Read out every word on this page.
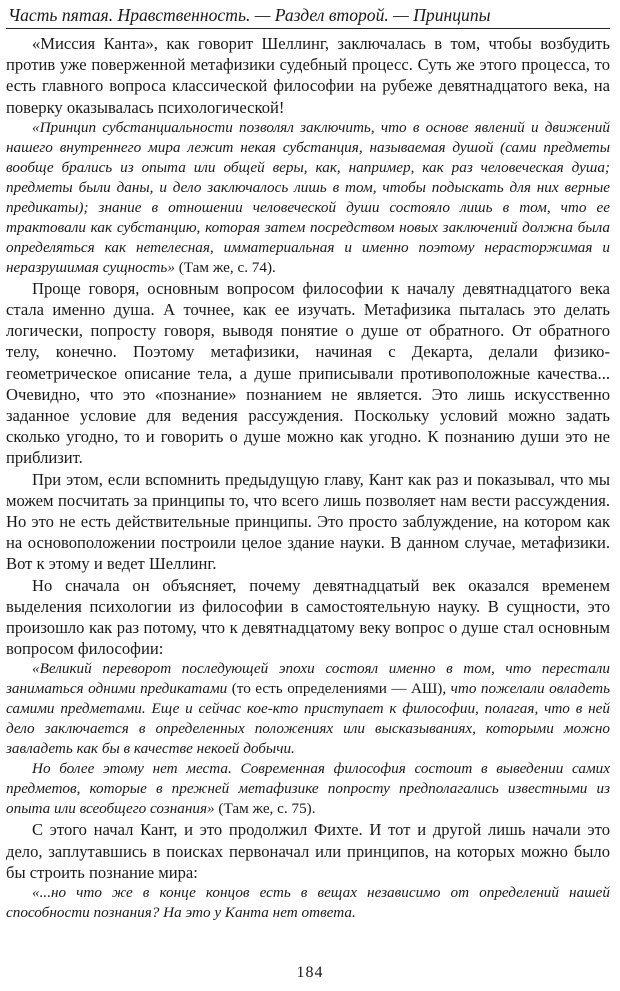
Часть пятая. Нравственность. — Раздел второй. — Принципы

«Миссия Канта», как говорит Шеллинг, заключалась в том, чтобы возбудить против уже поверженной метафизики судебный процесс. Суть же этого процесса, то есть главного вопроса классической философии на рубеже девятнадцатого века, на поверку оказывалась психологической!

«Принцип субстанциальности позволял заключить, что в основе явлений и движений нашего внутреннего мира лежит некая субстанция, называемая душой (сами предметы вообще брались из опыта или общей веры, как, например, как раз человеческая душа; предметы были даны, и дело заключалось лишь в том, чтобы подыскать для них верные предикаты); знание в отношении человеческой души состояло лишь в том, что ее трактовали как субстанцию, которая затем посредством новых заключений должна была определяться как нетелесная, имматериальная и именно поэтому нерасторжимая и неразрушимая сущность» (Там же, с. 74).

Проще говоря, основным вопросом философии к началу девятнадцатого века стала именно душа. А точнее, как ее изучать. Метафизика пыталась это делать логически, попросту говоря, выводя понятие о душе от обратного. От обратного телу, конечно. Поэтому метафизики, начиная с Декарта, делали физико-геометрическое описание тела, а душе приписывали противоположные качества... Очевидно, что это «познание» познанием не является. Это лишь искусственно заданное условие для ведения рассуждения. Поскольку условий можно задать сколько угодно, то и говорить о душе можно как угодно. К познанию души это не приблизит.

При этом, если вспомнить предыдущую главу, Кант как раз и показывал, что мы можем посчитать за принципы то, что всего лишь позволяет нам вести рассуждения. Но это не есть действительные принципы. Это просто заблуждение, на котором как на основоположении построили целое здание науки. В данном случае, метафизики. Вот к этому и ведет Шеллинг.

Но сначала он объясняет, почему девятнадцатый век оказался временем выделения психологии из философии в самостоятельную науку. В сущности, это произошло как раз потому, что к девятнадцатому веку вопрос о душе стал основным вопросом философии:

«Великий переворот последующей эпохи состоял именно в том, что перестали заниматься одними предикатами (то есть определениями — АШ), что пожелали овладеть самими предметами. Еще и сейчас кое-кто приступает к философии, полагая, что в ней дело заключается в определенных положениях или высказываниях, которыми можно завладеть как бы в качестве некоей добычи.

Но более этому нет места. Современная философия состоит в выведении самих предметов, которые в прежней метафизике попросту предполагались известными из опыта или всеобщего сознания» (Там же, с. 75).

С этого начал Кант, и это продолжил Фихте. И тот и другой лишь начали это дело, заплутавшись в поисках первоначал или принципов, на которых можно было бы строить познание мира:

«...но что же в конце концов есть в вещах независимо от определений нашей способности познания? На это у Канта нет ответа.

184
